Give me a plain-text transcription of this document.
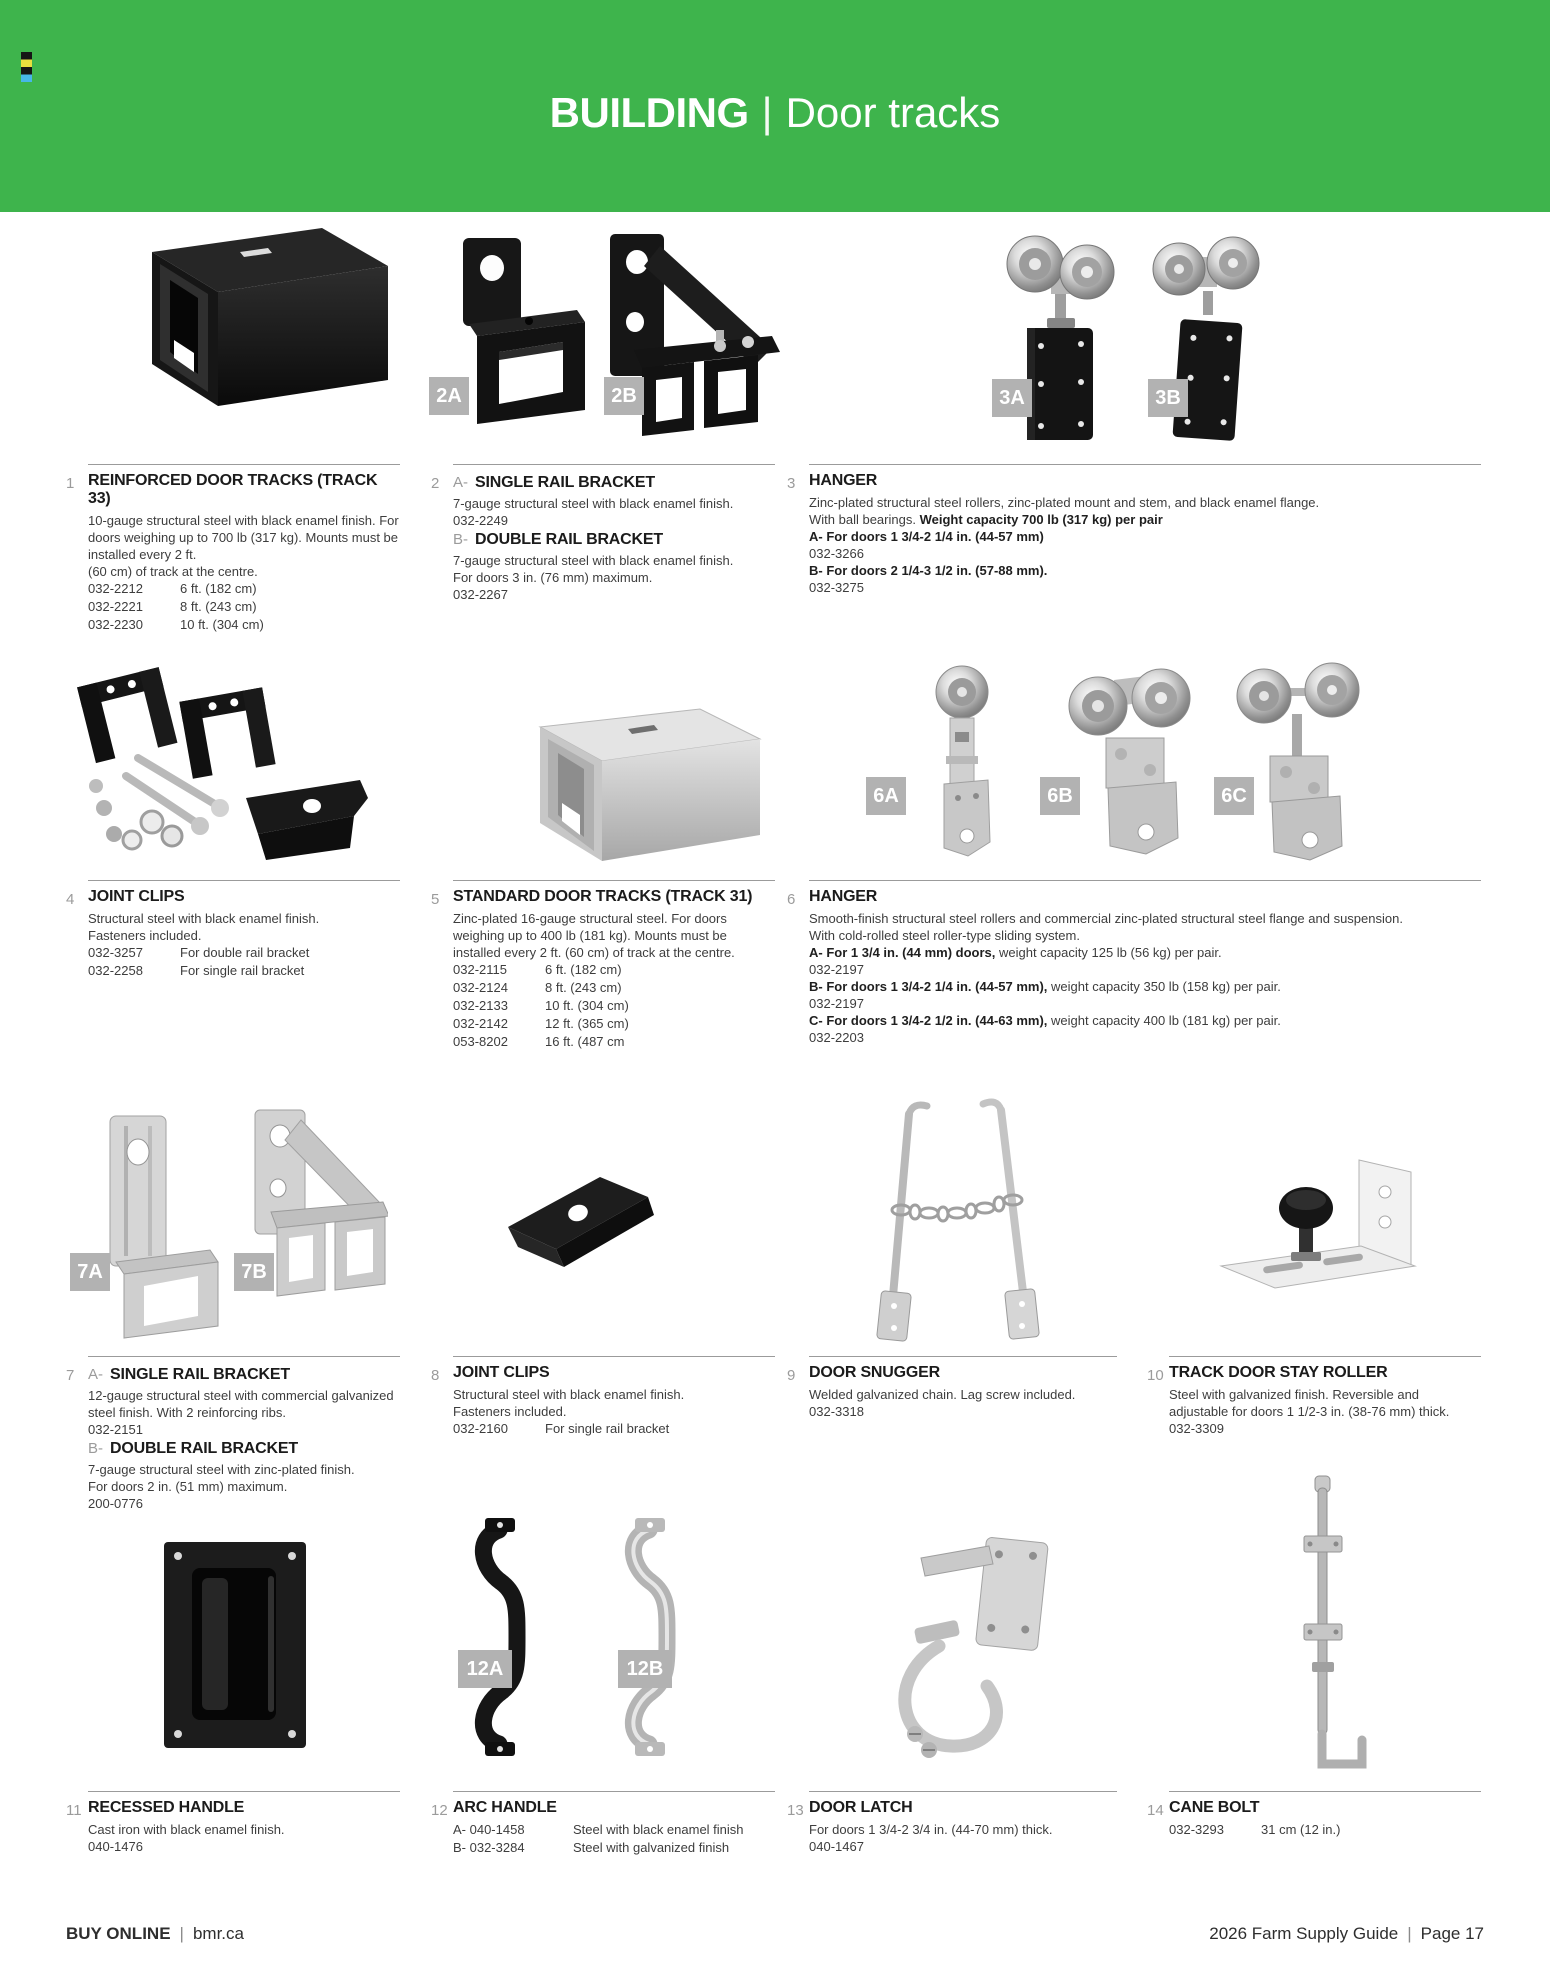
BUILDING | Door tracks
2A	2B	3A	3B
6A	6B	6C
7A	7B
12A	12B
1 REINFORCED DOOR TRACKS (TRACK 33)
10-gauge structural steel with black enamel finish. For doors weighing up to 700 lb (317 kg). Mounts must be installed every 2 ft.
(60 cm) of track at the centre.
032-2212	6 ft. (182 cm)
032-2221	8 ft. (243 cm)
032-2230	10 ft. (304 cm)
2 A- SINGLE RAIL BRACKET
7-gauge structural steel with black enamel finish.
032-2249
B- DOUBLE RAIL BRACKET
7-gauge structural steel with black enamel finish.
For doors 3 in. (76 mm) maximum.
032-2267
3 HANGER
Zinc-plated structural steel rollers, zinc-plated mount and stem, and black enamel flange.
With ball bearings. Weight capacity 700 lb (317 kg) per pair
A- For doors 1 3/4-2 1/4 in. (44-57 mm)
032-3266
B- For doors 2 1/4-3 1/2 in. (57-88 mm).
032-3275
4 JOINT CLIPS
Structural steel with black enamel finish.
Fasteners included.
032-3257	For double rail bracket
032-2258	For single rail bracket
5 STANDARD DOOR TRACKS (TRACK 31)
Zinc-plated 16-gauge structural steel. For doors weighing up to 400 lb (181 kg). Mounts must be installed every 2 ft. (60 cm) of track at the centre.
032-2115	6 ft. (182 cm)
032-2124	8 ft. (243 cm)
032-2133	10 ft. (304 cm)
032-2142	12 ft. (365 cm)
053-8202	16 ft. (487 cm
6 HANGER
Smooth-finish structural steel rollers and commercial zinc-plated structural steel flange and suspension.
With cold-rolled steel roller-type sliding system.
A- For 1 3/4 in. (44 mm) doors, weight capacity 125 lb (56 kg) per pair.
032-2197
B- For doors 1 3/4-2 1/4 in. (44-57 mm), weight capacity 350 lb (158 kg) per pair.
032-2197
C- For doors 1 3/4-2 1/2 in. (44-63 mm), weight capacity 400 lb (181 kg) per pair.
032-2203
7 A- SINGLE RAIL BRACKET
12-gauge structural steel with commercial galvanized steel finish. With 2 reinforcing ribs.
032-2151
B- DOUBLE RAIL BRACKET
7-gauge structural steel with zinc-plated finish.
For doors 2 in. (51 mm) maximum.
200-0776
8 JOINT CLIPS
Structural steel with black enamel finish.
Fasteners included.
032-2160	For single rail bracket
9 DOOR SNUGGER
Welded galvanized chain. Lag screw included.
032-3318
10 TRACK DOOR STAY ROLLER
Steel with galvanized finish. Reversible and adjustable for doors 1 1/2-3 in. (38-76 mm) thick.
032-3309
11 RECESSED HANDLE
Cast iron with black enamel finish.
040-1476
12 ARC HANDLE
A- 040-1458	Steel with black enamel finish
B- 032-3284	Steel with galvanized finish
13 DOOR LATCH
For doors 1 3/4-2 3/4 in. (44-70 mm) thick.
040-1467
14 CANE BOLT
032-3293	31 cm (12 in.)
BUY ONLINE | bmr.ca	2026 Farm Supply Guide | Page 17
